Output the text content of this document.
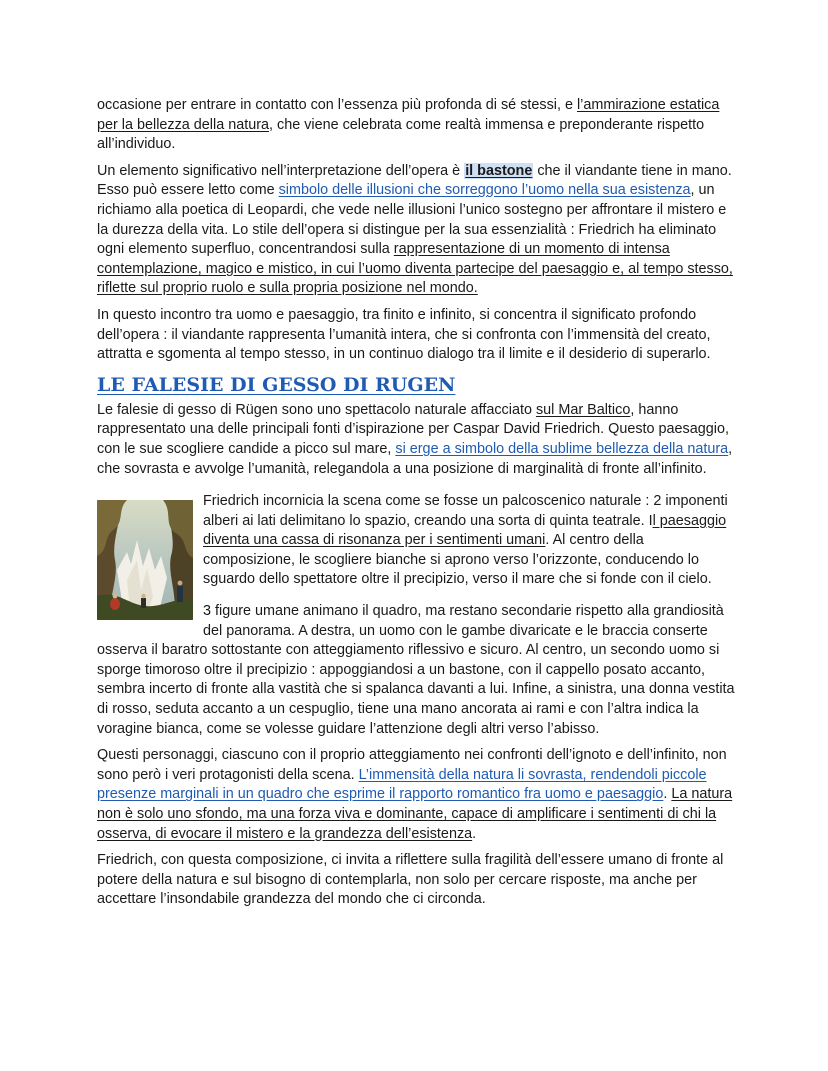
occasione per entrare in contatto con l’essenza più profonda di sé stessi, e l’ammirazione estatica per la bellezza della natura, che viene celebrata come realtà immensa e preponderante rispetto all’individuo.

Un elemento significativo nell’interpretazione dell’opera è il bastone che il viandante tiene in mano. Esso può essere letto come simbolo delle illusioni che sorreggono l’uomo nella sua esistenza, un richiamo alla poetica di Leopardi, che vede nelle illusioni l’unico sostegno per affrontare il mistero e la durezza della vita. Lo stile dell’opera si distingue per la sua essenzialità : Friedrich ha eliminato ogni elemento superfluo, concentrandosi sulla rappresentazione di un momento di intensa contemplazione, magico e mistico, in cui l’uomo diventa partecipe del paesaggio e, al tempo stesso, riflette sul proprio ruolo e sulla propria posizione nel mondo.

In questo incontro tra uomo e paesaggio, tra finito e infinito, si concentra il significato profondo dell’opera : il viandante rappresenta l’umanità intera, che si confronta con l’immensità del creato, attratta e sgomenta al tempo stesso, in un continuo dialogo tra il limite e il desiderio di superarlo.

LE FALESIE DI GESSO DI RUGEN

Le falesie di gesso di Rügen sono uno spettacolo naturale affacciato sul Mar Baltico, hanno rappresentato una delle principali fonti d’ispirazione per Caspar David Friedrich. Questo paesaggio, con le sue scogliere candide a picco sul mare, si erge a simbolo della sublime bellezza della natura, che sovrasta e avvolge l’umanità, relegandola a una posizione di marginalità di fronte all’infinito.

Friedrich incornicia la scena come se fosse un palcoscenico naturale : 2 imponenti alberi ai lati delimitano lo spazio, creando una sorta di quinta teatrale. Il paesaggio diventa una cassa di risonanza per i sentimenti umani. Al centro della composizione, le scogliere bianche si aprono verso l’orizzonte, conducendo lo sguardo dello spettatore oltre il precipizio, verso il mare che si fonde con il cielo.

3 figure umane animano il quadro, ma restano secondarie rispetto alla grandiosità del panorama. A destra, un uomo con le gambe divaricate e le braccia conserte osserva il baratro sottostante con atteggiamento riflessivo e sicuro. Al centro, un secondo uomo si sporge timoroso oltre il precipizio : appoggiandosi a un bastone, con il cappello posato accanto, sembra incerto di fronte alla vastità che si spalanca davanti a lui. Infine, a sinistra, una donna vestita di rosso, seduta accanto a un cespuglio, tiene una mano ancorata ai rami e con l’altra indica la voragine bianca, come se volesse guidare l’attenzione degli altri verso l’abisso.

Questi personaggi, ciascuno con il proprio atteggiamento nei confronti dell’ignoto e dell’infinito, non sono però i veri protagonisti della scena. L’immensità della natura li sovrasta, rendendoli piccole presenze marginali in un quadro che esprime il rapporto romantico fra uomo e paesaggio. La natura non è solo uno sfondo, ma una forza viva e dominante, capace di amplificare i sentimenti di chi la osserva, di evocare il mistero e la grandezza dell’esistenza.

Friedrich, con questa composizione, ci invita a riflettere sulla fragilità dell’essere umano di fronte al potere della natura e sul bisogno di contemplarla, non solo per cercare risposte, ma anche per accettare l’insondabile grandezza del mondo che ci circonda.
